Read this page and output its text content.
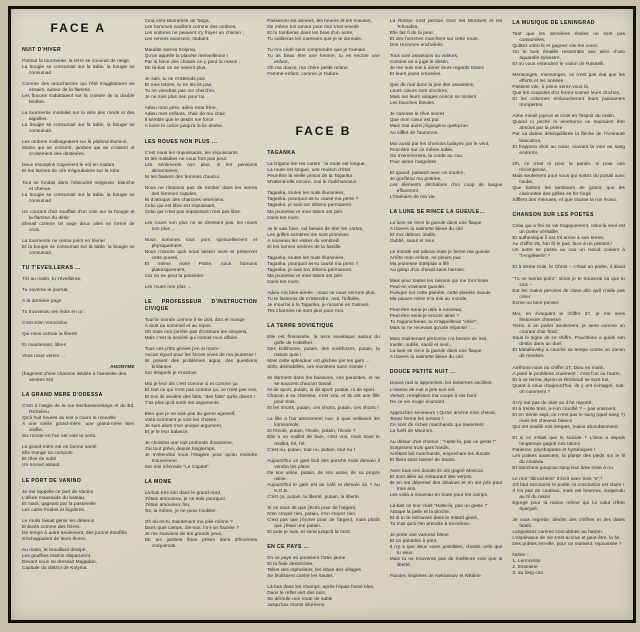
FACE A
NUIT D'HIVER
Partout la tourmente, la terre se couvrait de neige.
La bougie se consumait sur la table, la bougie se consumait.
Comme des moucherons qui l'été s'agglutinent en essaim, autour de la flamme,
Les flocons s'abattaient sur la croisée de la double fenêtre.
La tourmente modelait sur la vitre des ronds et des aiguilles.
La bougie se consumait sur la table, la bougie se consumait.
Les ombres s'allongeaient sur le plafond illuminé,
Mains qui se croisent, jambes qui se croisent et croisement des destinées.
Deux escarpins cognèrent le sol en roulant
Et les larmes de cire s'égouttaient sur la robe.
Tout se fondait dans l'obscurité neigeuse, blanche et chenue.
La bougie se consumait sur la table, la bougie se consumait.
Un courant d'air soufflait d'un coin sur la bougie et la flamme du désir.
Elevait comme un ange deux ailes en forme de croix.
La tourmente ne cessa point en février
Et la bougie se consumait sur la table, la bougie se consumait.
TU T'EVEILLERAS ...
Tôt au matin, tu t'éveilleras,
Tu ouvriras le journal,
A la dernière page
Tu trouveras ces mots en or :
C'est Klim Vorochilov
Qui nous octroie la liberté
Et maintenant, libres
Vous nous verrez ...
ANONYME
(fragment d'une chanson dédiée à l'amnistie des années 50)
LA GRAND MERE D'ODESSA
C'est à l'angle de la rue Deribassovskaya et du Bd. Richelieu
Qu'à huit heures du soir a couru la nouvelle
A une vieille grand-mère, une grand-mère bien vieillie,
Six monte-en-l'air ont volé la vertu.
La grand-mère est en bonne santé
Elle mange sa compote
Et rêve de subir
Un nouvel assaut.
LE PORT DE VANINO
Je me rappelle ce port de Vanino
L'allure maussade du bateau,
Et nous, gagnant par la passerelle
Les cales froides et lugubres.
Le roulis faisait gémir les détenus
Enlacés comme des frères.
De temps à autre seulement, des jurons étouffés
S'échappaient de leurs lèvres.
Au matin, le brouillard dissipé,
Les gouffres marins disparurent.
Devant nous se dressait Magadan,
Capitale du district de Kolyma.
Cinq cent kilomètres de Taïga,
Les hommes vacillent comme des ombres,
Les voitures ne peuvent s'y frayer un chemin ;
Les rennes avancent, titubant.
Maudite sois-tu Kolyma,
Qu'on appelle la planète merveilleuse !
Par la force des choses on y perd la raison :
De là-bas on ne revient plus.
Je sais, tu ne m'attends pas
Et mes lettres, tu ne les lis pas,
Tu ne viendras pas me chercher,
Je ne suis plus rien pour toi.
Adieu mon père, adieu mon frère,
Adieu mes enfants, chair de ma chair,
Il semble que le destin me force
A boire le calice jusqu'à la lie amère.
LES ROUES NON PLUS ...
C'est nous les impuissants, les impuissants
Et les maladies ne nous font pas peur.
Les sentiments non plus, ni les pensions alimentaires,
Ni les baisers des femmes d'autrui.
Nous ne risquons pas de tomber dans les serres des femmes cupides,
Ni d'attraper des chancres vénériens.
Celui qui est libre est impuissant,
Celui qui n'est pas impuissant n'est pas libre.
Les roues non plus ne se dressent pas, les roues non plus ...
Nous sommes tous purs spirituellement et physiquement,
Nous n'avons qu'à nous laisser vivre et préserver cette pureté,
Et même notre Patrie, nous l'aimons platoniquement,
Car on ne peut la posséder.
Les roues non plus ...
LE PROFESSEUR D'INSTRUCTION CIVIQUE
Tout le monde comme il se doit, dort et mange
A droit au sommeil et au repos.
Oh mais moi j'arrête pas d'instruire les citoyens,
Mais c'est la société qui instruit mon affaire.
Tous ces p'tits génies j'en ai marre :
Aucun égard pour les forces vives de ma jeunesse !
Ils posent des problèmes aigus, des questions brûlantes
Sur lesquels je m'assois.
Moi je leur dis c'est comme ci et comme ça
Et tout ce qui n'est pas comme ça, ce n'est pas vrai,
Et eux ils veulent des faits, "des faits" qu'ils disent !
T'as plus qu'à sortir tes arguments.
Bien que je ne sois pas du genre agressif,
Voilà comment je vois les choses :
Je sors alors mon unique argument,
Et je le leur balance.
Je choisirai une nuit profonde d'automne,
J'ai tout prévu depuis longtemps,
Je m'étendrai sous l'étagère pour qu'au moindre mouvement
Sur moi s'écroule "Le Capital"
LA MOME
Là-bas très loin dans le grand nord,
J'étais amoureux, je ne sais pourquoi.
J'étais amoureux fou,
Toi, la môme, je ne peux t'oublier.
Oh où es-tu maintenant ma jolie môme ?
Dans quel camps, dis-moi, t'a-t-on fourrée ?
Je me souviens de tes grands yeux,
De tes jambes fines prises dans d'énormes croquenots.
Passeront les années, les heures et les minutes,
De même ton amour pour moi s'est envolé
Et tu tomberas dans les bras d'un autre,
Tu oublieras les caresses que je te donnais.
Tu m'a cédé sans comprendre que je t'aimais.
Tu as beau être une femme, tu es encore une enfant,
Oh ma douce, ma chère petite môme,
Femme-enfant, comme je t'adore.
FACE B
TAGANKA
La tzigane tire les cartes : la route est longue,
La route est longue, une maison d'état.
Peut-être la vieille prison de la Taganka
M'attend-elle encore, moi le malchanceux.
Taganka, toutes les nuits illuminées,
Taganka, pourquoi as-tu causé ma perte ?
Taganka, je suis ton détenu permanent.
Ma jeunesse et mon talent ont péri
Dans tes murs.
Je le sais bien, nul besoin de tirer les cartes,
Les grilles sombres me sont promises.
A nouveau les visites du vendredi
Et les larmes amères de la famille.
Taganka, toutes les nuits illuminées,
Taganka, pourquoi as-tu causé ma perte ?
Taganka, je suis ton détenu permanent.
Ma jeunesse et mon talent ont péri
Dans tes murs.
Adieu ma bien-aimée : nous ne nous verrons plus,
Tu te lasseras de m'attendre, moi, l'infidèle,
Je mourrai à la Taganka, je mourrai en t'aimant.
Tes charmes ne sont plus pour moi.
LA TERRE SOVIETIQUE
Elle est florissante, la terre soviétique autour du golfe de Koktébel.
Des kolkhozes, putain, des sovkhozes, putain, la nature quoi !
Mais cette splendeur est gâchée par les gars ...
Sitôt, déshabillés, ces monstres sans morale !
Ils dorment dans les buissons, ces parasites, et ne se soucient d'aucun travail.
Ni de sport, putain, ni de sport, putain, ni de sport.
Chacun a sa chemise, c'est vrai, et ils ont une fille pour trois.
Et les shorts, putain, ces shorts, putain, ces shorts !
La fille a l'air atrocement nue, à quoi veillaient les komsomols
Et l'école, putain, l'école, putain, l'école ?
Elle a un maillot de bain, c'est vrai, mais sous le maillot, hé, hé,
C'est nu, putain, tout nu, putain, tout nu !
Aujourd'hui un gars boit des punchs mais demain il vendra les plans
De son usine, putain, de son usine, de sa propre usine.
Aujourd'hui le gars est au café et demain où ? Au K.G.B.
C'est ça, putain, la liberté, putain, la liberté.
Si on vous dit que j'écris pour de l'argent,
N'en croyez rien, putain, n'en croyez rien.
C'est pas que j'écrive pour de l'argent, mais plutôt que j'étais une putain.
Et pute je suis, et serai jusqu'à la mort.
EN CE PAYS ...
En ce pays où poussent l'ortie jaune
Et la haie desséchée,
Telles des orphelines, les isbas des villages
Se blotissent contre les saules.
Là-bas dans les champs, après l'épais fossé bleu,
Dans le reflet vert des lacs,
Se déroule une route de sable
Jusqu'aux monts sibériens.
La Russie s'est perdue chez les Mordves et les Tchoudes,
Elle fait fi de la peur.
Et des hommes marchent sur cette route,
Des Hommes enchaînés.
Tous sont assassins ou voleurs,
Comme en a jugé le destin.
Je me suis mis à aimer leurs regards tristes
Et leurs joues creusées.
Que de mal dans la joie des assassins,
Leurs cœurs sont sincères,
Mais sur leurs visages noircis se tordent
Les bouches bleuies.
Je caresse le rêve secret
Que mon cœur est pur.
Mais moi aussi j'égorgerai quelqu'un
Au sifflet de l'automne.
Moi aussi par les chemins balayés par le vent,
Peut-être sur ce même sable,
On m'emmenera, la corde au cou,
Pour aimer l'angoisse.
Et quand, passant avec un sourire,
Je gonflerai ma poitrine,
Les éléments déchaînés d'un coup de langue effaceront
L'itinéraire de ma vie.
LA LUNE SE RINCE LA GUEULE...
La lune se rince la gueule dans une flaque
A travers la satinette bleue du ciel
Et moi debout, inutile,
Oublié, saoul et seul.
Le monde est odieux mais je ferme ma gueule
Arrête mon enfant, ne pleure pas :
Ma jeunesse intrépide a filé
Au galop d'un cheval sans harnais.
Mais pour toutes les raisons qui me font boire
Peut-on vraiment gueuler.
Puisque sur cette planète, cette planète saoule
Ma pauvre mère m'a mis au monde.
Peut-être serai-je utile à nouveau,
Peut-être serai-je encore aimé ?
Tu t'approcheras, tu m'appelleras "chéri",
Mais tu ne recevras qu'une réponse : ...
Mais maintenant personne n'a besoin de moi,
Inutile, oublié, saoûl et seul...
La lune se rince la gueule dans une flaque
A travers la satinette bleue du ciel.
DOUCE PETITE NUIT ...
Douce nuit tu approches, les lanternes oscillent,
L'oiseau de nuit a pris son vol.
Versez, remplissez ma coupe à ras bord
De ce vin rouge écumant.
Approchez serviteurs ! Qu'on amène mon cheval,
Tenez ferme les rennes !
Ce sont de riches marchands qui traversent
La forêt de Mourom.
Au détour d'un chemin : "Halte-là, pas un geste !"
Surgissent trois gars hardis,
Arrêtent les marchands, empochant les ducats
Et filent sans laisser de traces.
Avec tous ces ducats ils ont gagné Moscou
Et sont allés au restaurant des verjots.
Ils en ont dépensé des dizaines et en ont pris pour trois ans.
Les voilà à nouveau en route pour les camps.
Là-bas on leur criait "Halte-là, pas un geste !"
Attrape la pelle et la pioche,
Et si tu te retrouves dans le mitard glacé,
Tu n'as qu'à t'en prendre à toi-même.
Je porte une vareuse bleue
Et un pantalon à pont.
Il n'y a que deux voies possibles, choisis celle que tu veux.
Mais tu ne trouveras pas de meilleure voie que la liberté.
Paroles inspirées de Nekrassov et Nikitine
LA MUSIQUE DE LENINGRAD
Tant que les dernières étoiles ne sont pas consumées,
Quittez votre lit et gagnez vite les cours
Où le bois émaillé ressemble aux ailes d'une aquarelle sylvestre,
Et où vous entendrez le violon de Rastrelli.
Mensonges, mensonges, ce n'est pas vrai que les efforts et les années
Passent vite, à peine serez-vous là,
Que les coupoles d'or feront sonner leurs cloches,
Et les colonnes emboucheront leurs puissantes trompettes.
Aime minuit joyeux et crois en l'espoir du matin,
Quand ni péché ni amertume ne sauraient être absous par la prière
Par sa danse déséquilibrée la flèche de l'Amirauté basculera,
Et frappera droit au cœur, ouvrant la voie au sang endormi.
Oh, ce n'est ni pour la parole, ni pour une récompense,
Mais seulement pour vous qui sortez du portail avec l'aube,
Que battent les tambours de granit, que les clarinettes des grilles en fer forgé
Sifflent des menuets, et que chante la rue Rossi.
CHANSON SUR LES POETES
Celui qui a fini sa vie tragiquement, celui-là seul est un poète véritable,
Et authentique il est s'il arrive à son terme,
Au chiffre 26, l'un fit le pas, face à un pistolet,¹
Un autre se passa au cou un nœud coulant à "l'Angleterre".²
Et à trente trois, le Christ – c'était un poète, il disait :
"Tu ne tueras point", sinon je te trouverai où que tu sois –
Eut les mains percées de clous afin qu'il n'aille pas créer
Ecrire ou bien penser.
Moi, en évoquant le chiffre 37, je me sens frissonner d'ivresse
Tiens, à en parler seulement, je sens comme un courant d'air froid :
Sous le signe de ce chiffre, Pouchkine a guidé son destin dans un duel
Et Maïakovsky a couché sa tempe contre un canon de revolver.
Arrêtons-nous au chiffre 37, Dieu en malin,
A posé le problème cruement : c'est l'un ou l'autre,
Et à ce terme, Byron et Rimbaud se sont tus,
Quant à ceux d'aujourd'hui, ils y ont échappé, sait-on comment ?
Il n'y eut pas de duel ou il fut reporté,
Et à trente trois, a-t-on crucifié ? – pas vraiment,
Et en trente sept, ce n'est pas le sang (quel sang ?) mais les cheveux blancs
Qui ont souillé nos tempes, moins abondamment.
Et si ce n'était que le suicide ? L'âme a depuis longtemps gagné nos talons
Patience, psychopates et hystériques !
Les poètes avancent, la plante des pieds sur le fil du couteau
Et tranchent jusqu'au sang leur âme mise à nu.
Le mot "dlinochéée" s'écrit avec trois "e",³
S'il faut raccourcir le poète, la conclusion est claire !
Il n'a pas de couteau, mais est heureux, suspendu au fil du rasoir
Egorgé pour la raison même qui lui valut d'être épargné.
Je vous regrette, dévôts des chiffres et des dates fatals.
Languissez comme concubines au harem.
L'espérance de vie s'est accrue et peut-être, la fin
Des poètes est-elle, pour un moment, repoussée ?
Notes :
1. Lermontov
2. Essenine
3. au long cou
